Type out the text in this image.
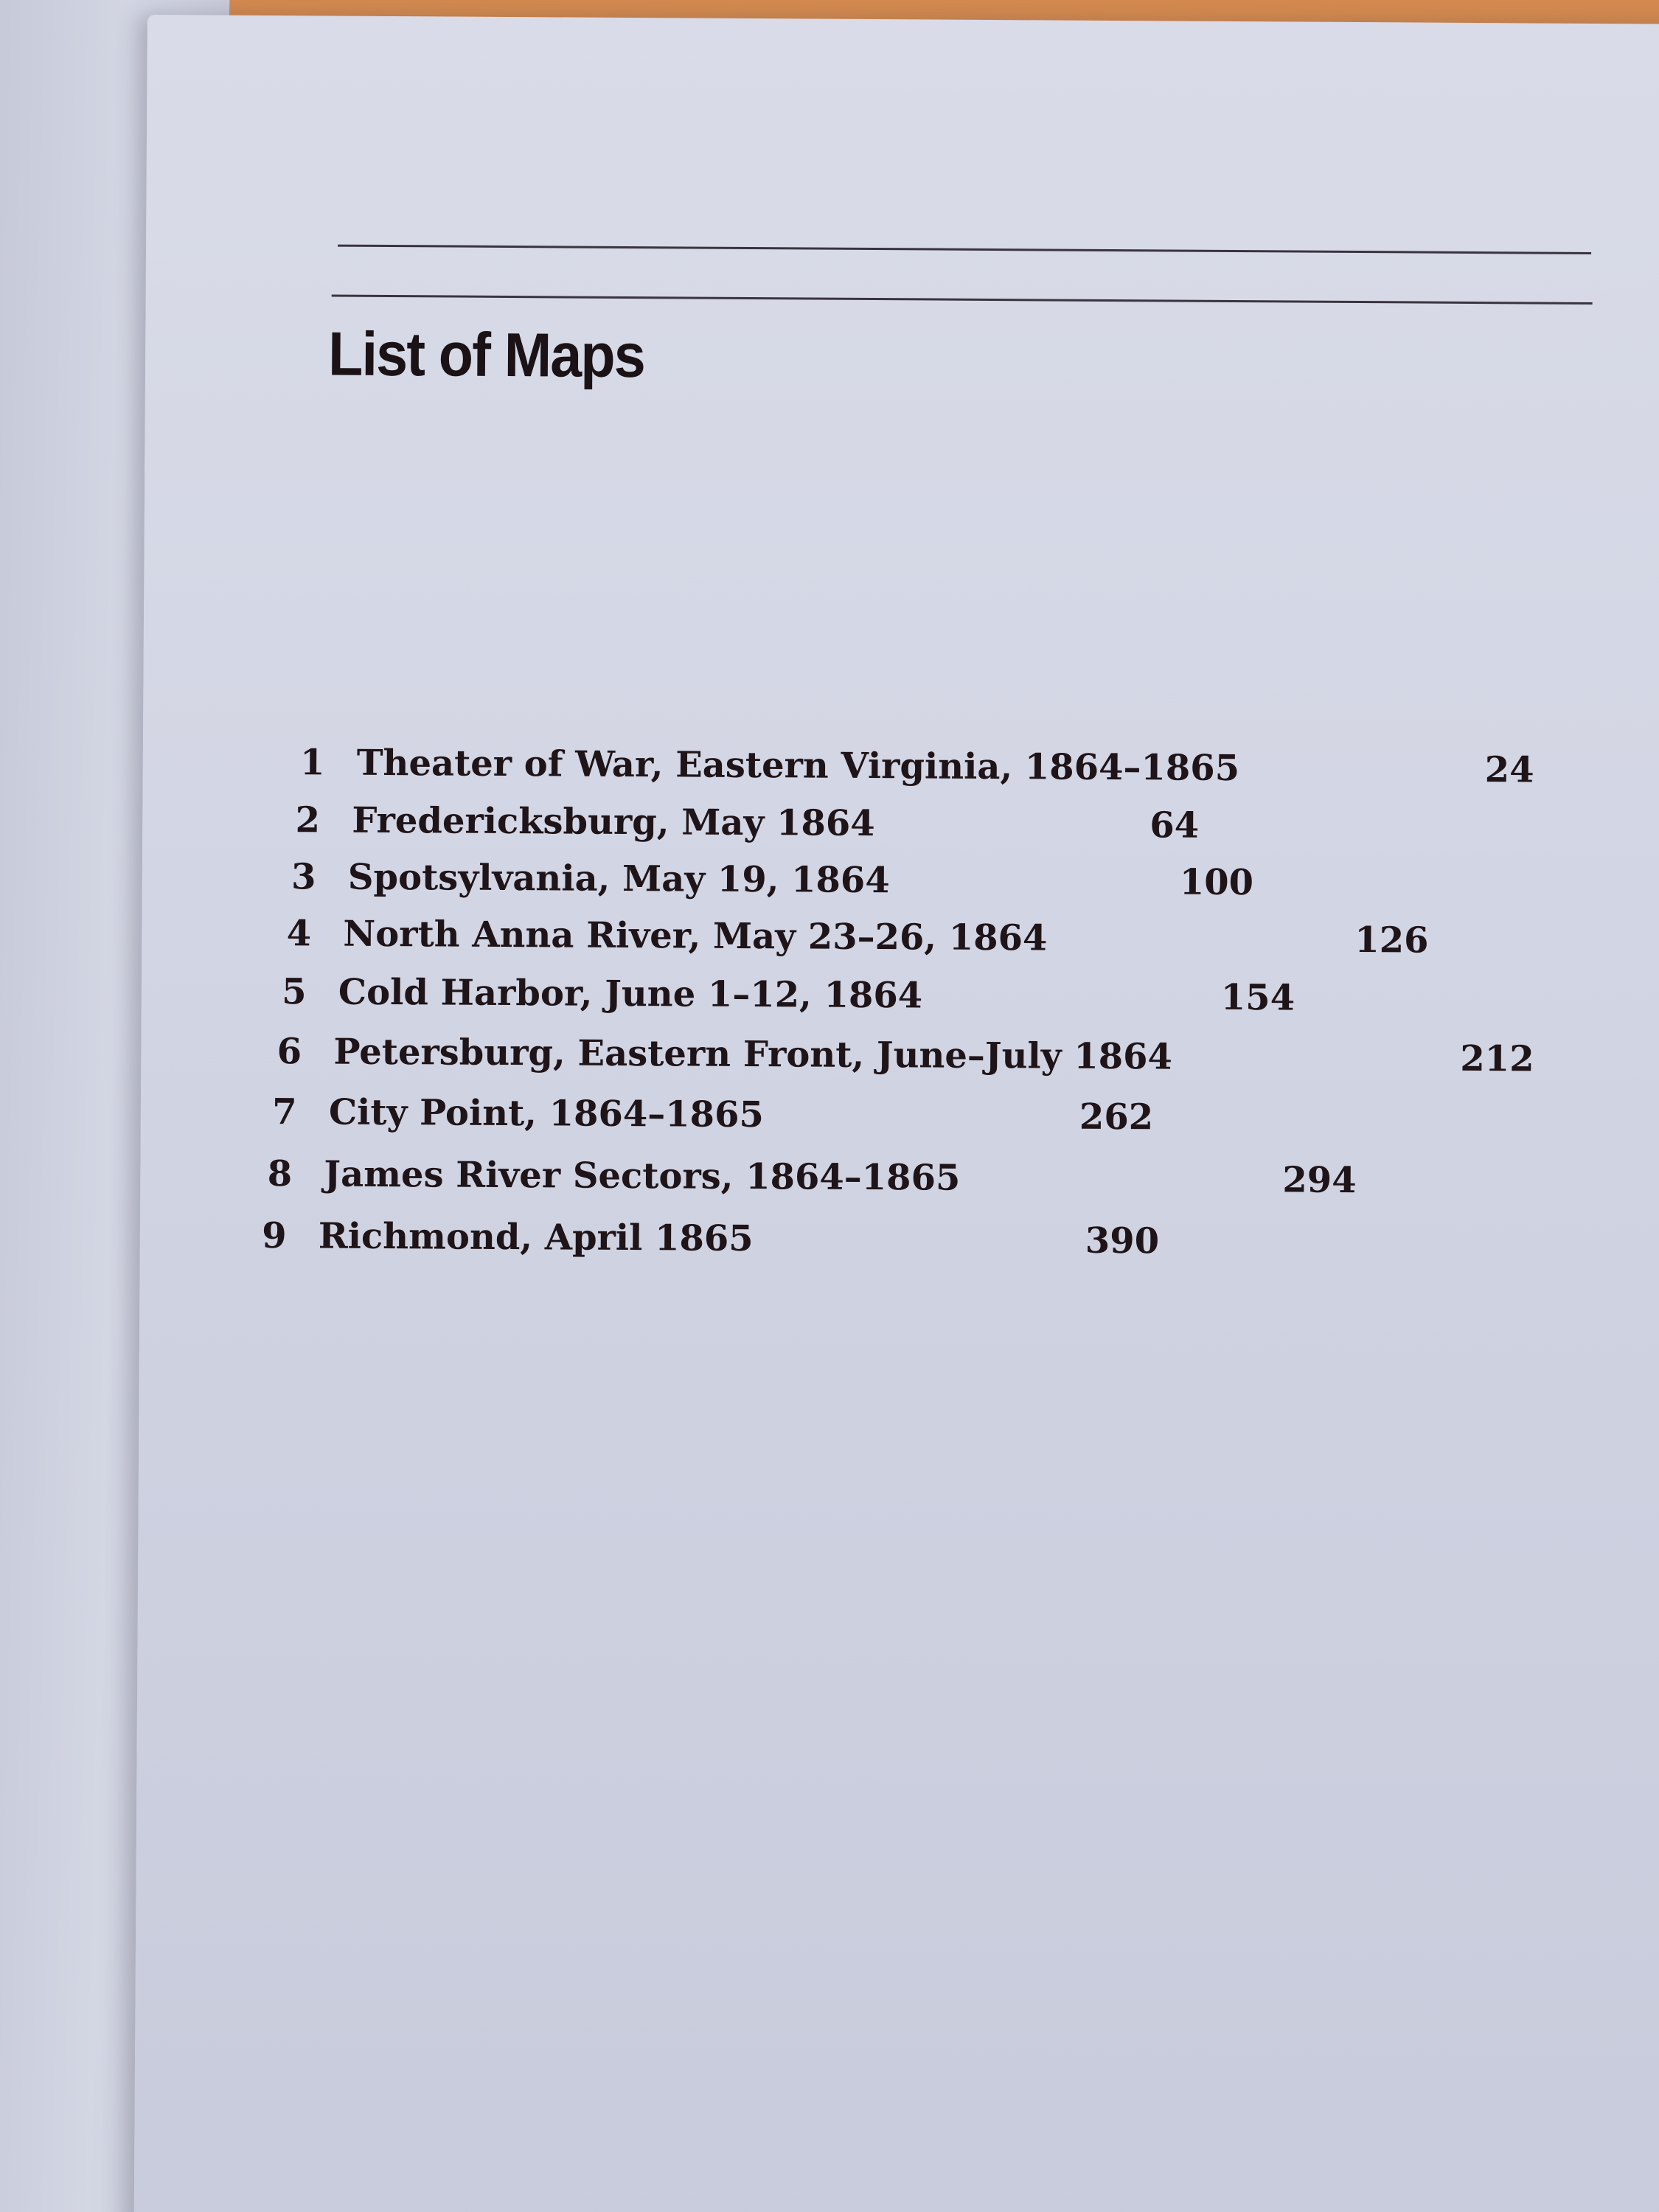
List of Maps
1 Theater of War, Eastern Virginia, 1864–1865	24
2 Fredericksburg, May 1864	64
3 Spotsylvania, May 19, 1864	100
4 North Anna River, May 23–26, 1864	126
5 Cold Harbor, June 1–12, 1864	154
6 Petersburg, Eastern Front, June–July 1864	212
7 City Point, 1864–1865	262
8 James River Sectors, 1864–1865	294
9 Richmond, April 1865	390
